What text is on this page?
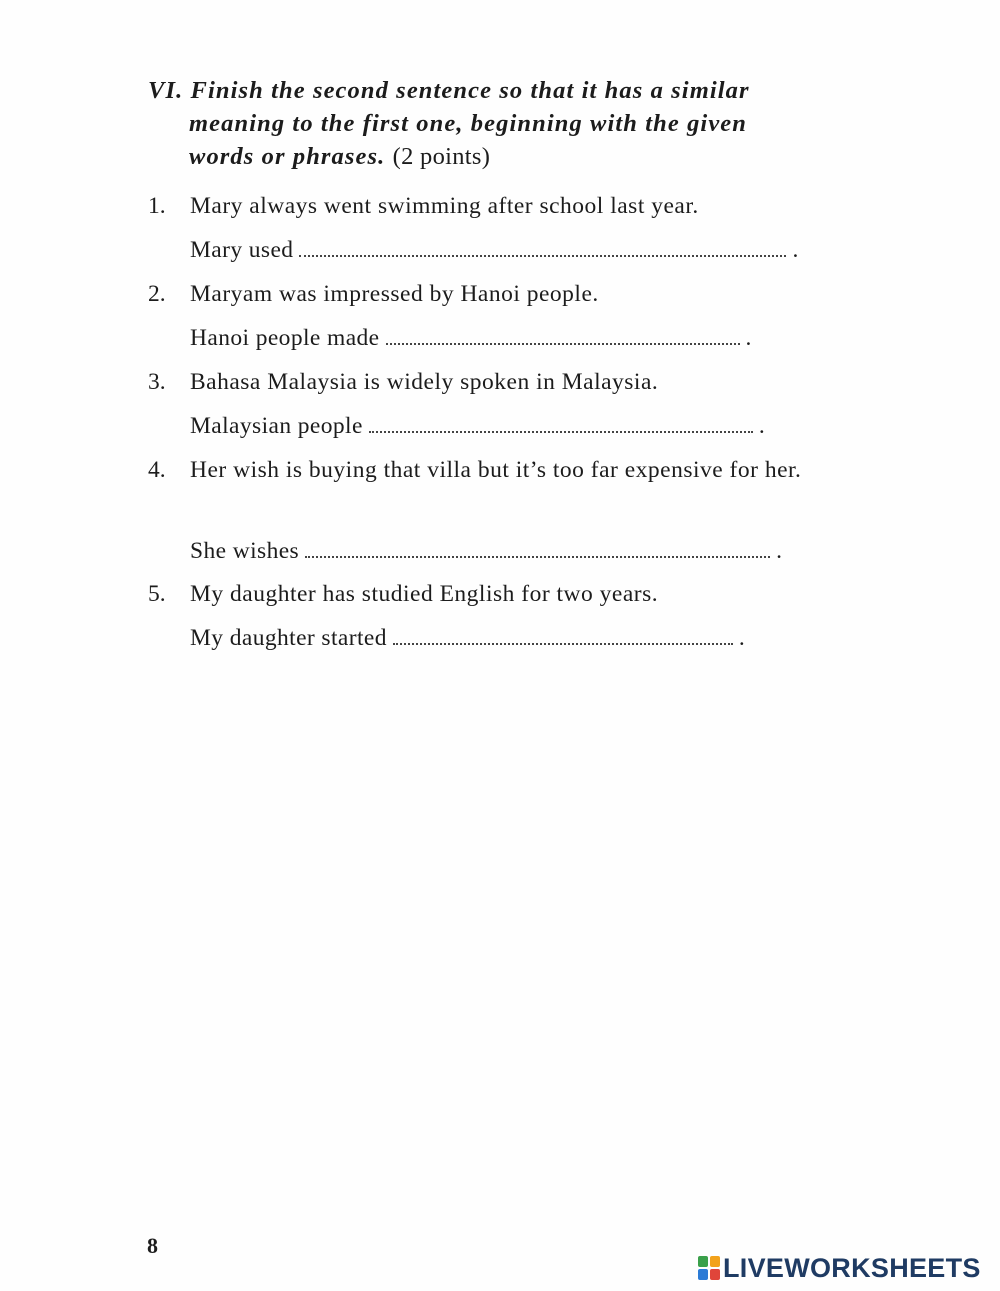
VI. Finish the second sentence so that it has a similar
meaning to the first one, beginning with the given
words or phrases. (2 points)
1. Mary always went swimming after school last year.
Mary used	.
2. Maryam was impressed by Hanoi people.
Hanoi people made	.
3. Bahasa Malaysia is widely spoken in Malaysia.
Malaysian people	.
4. Her wish is buying that villa but it’s too far expensive for her.
She wishes	.
5. My daughter has studied English for two years.
My daughter started	.
8
LIVEWORKSHEETS
